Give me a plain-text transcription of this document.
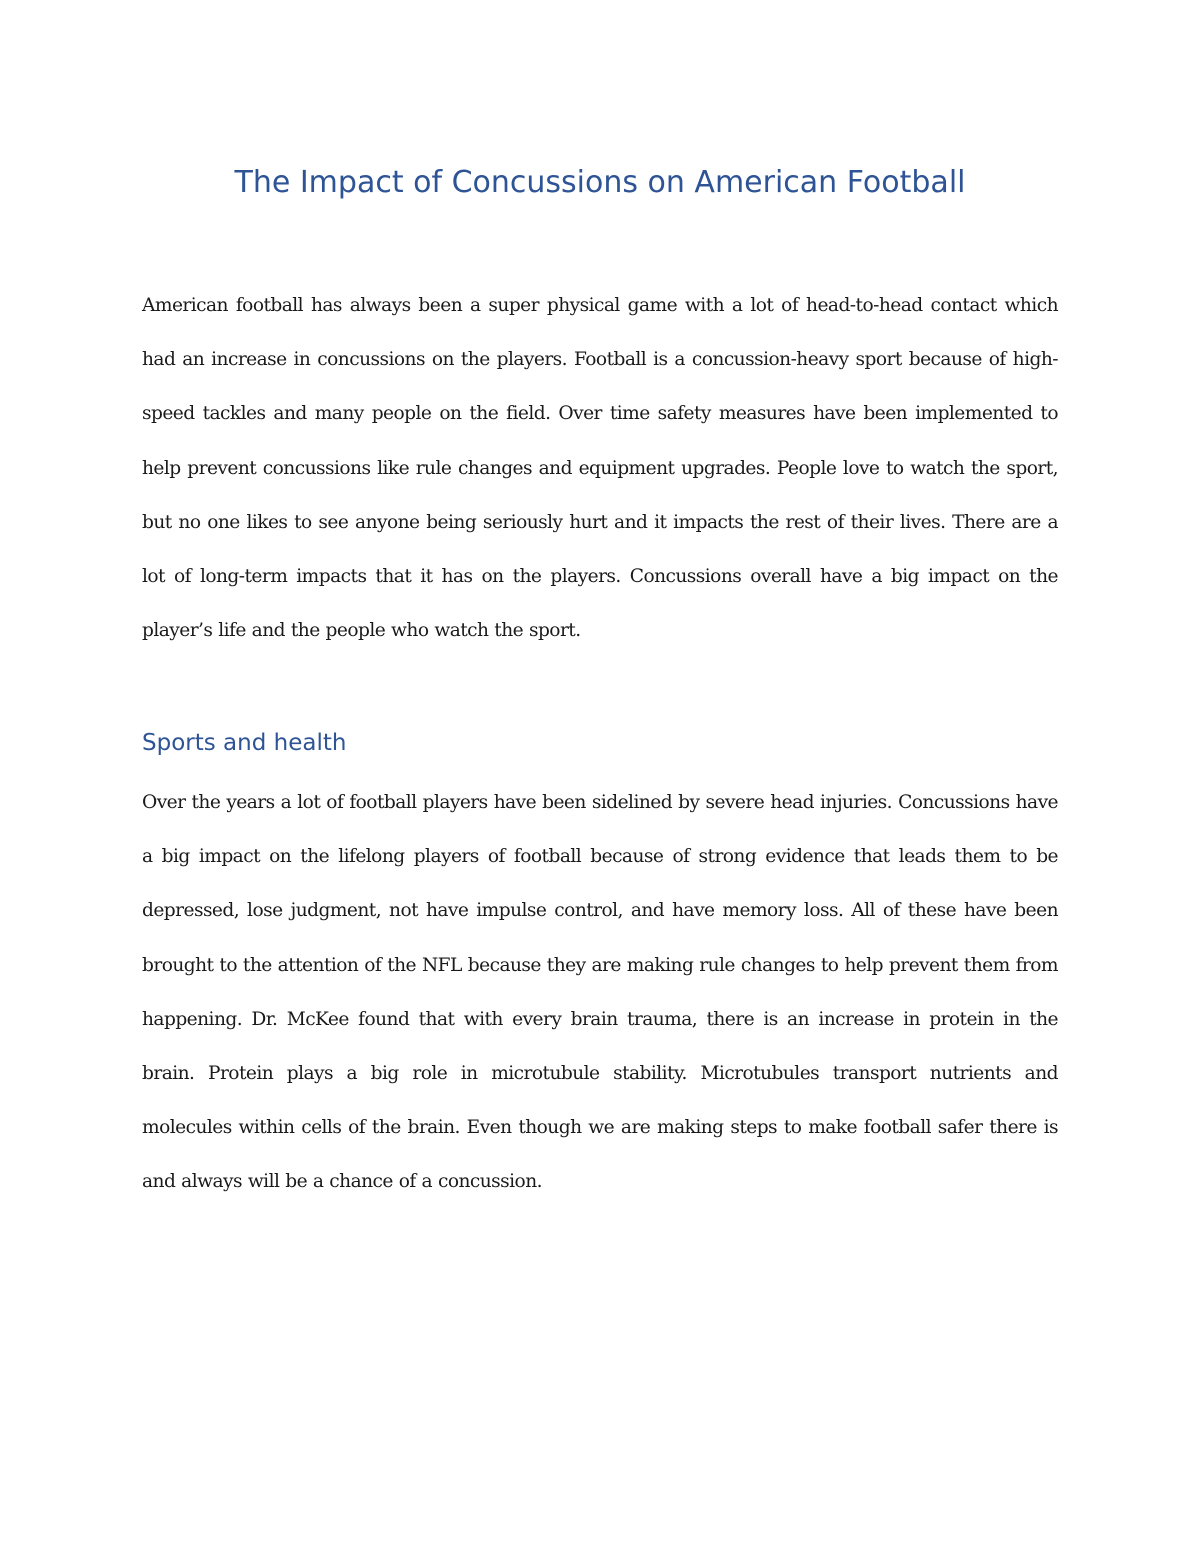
The Impact of Concussions on American Football

American football has always been a super physical game with a lot of head-to-head contact which had an increase in concussions on the players. Football is a concussion-heavy sport because of high-speed tackles and many people on the field. Over time safety measures have been implemented to help prevent concussions like rule changes and equipment upgrades. People love to watch the sport, but no one likes to see anyone being seriously hurt and it impacts the rest of their lives. There are a lot of long-term impacts that it has on the players. Concussions overall have a big impact on the player’s life and the people who watch the sport.

Sports and health

Over the years a lot of football players have been sidelined by severe head injuries. Concussions have a big impact on the lifelong players of football because of strong evidence that leads them to be depressed, lose judgment, not have impulse control, and have memory loss. All of these have been brought to the attention of the NFL because they are making rule changes to help prevent them from happening. Dr. McKee found that with every brain trauma, there is an increase in protein in the brain. Protein plays a big role in microtubule stability. Microtubules transport nutrients and molecules within cells of the brain. Even though we are making steps to make football safer there is and always will be a chance of a concussion.
